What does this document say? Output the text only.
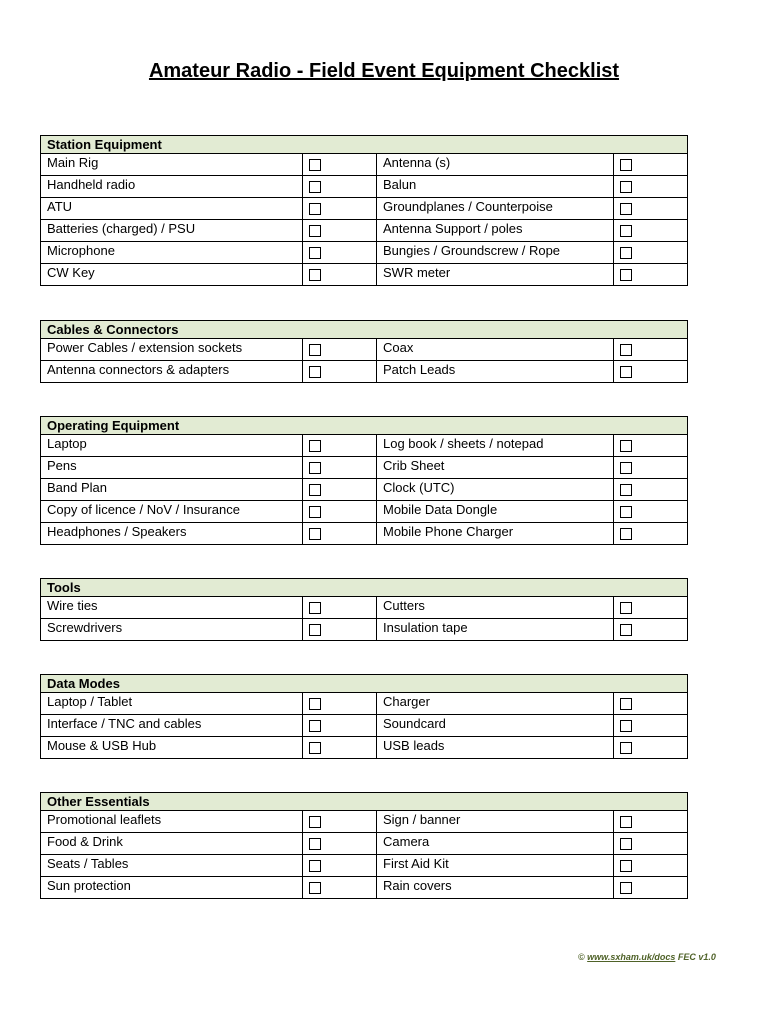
Amateur Radio - Field Event Equipment Checklist
Station Equipment			
Main Rig		Antenna (s)	
Handheld radio		Balun	
ATU		Groundplanes / Counterpoise	
Batteries (charged) / PSU		Antenna Support / poles	
Microphone		Bungies / Groundscrew / Rope	
CW Key		SWR meter	
Cables & Connectors			
Power Cables / extension sockets		Coax	
Antenna connectors & adapters		Patch Leads	
Operating Equipment			
Laptop		Log book / sheets / notepad	
Pens		Crib Sheet	
Band Plan		Clock (UTC)	
Copy of licence / NoV / Insurance		Mobile Data Dongle	
Headphones / Speakers		Mobile Phone Charger	
Tools			
Wire ties		Cutters	
Screwdrivers		Insulation tape	
Data Modes			
Laptop / Tablet		Charger	
Interface / TNC and cables		Soundcard	
Mouse & USB Hub		USB leads	
Other Essentials			
Promotional leaflets		Sign / banner	
Food & Drink		Camera	
Seats / Tables		First Aid Kit	
Sun protection		Rain covers	
© www.sxham.uk/docs FEC v1.0
